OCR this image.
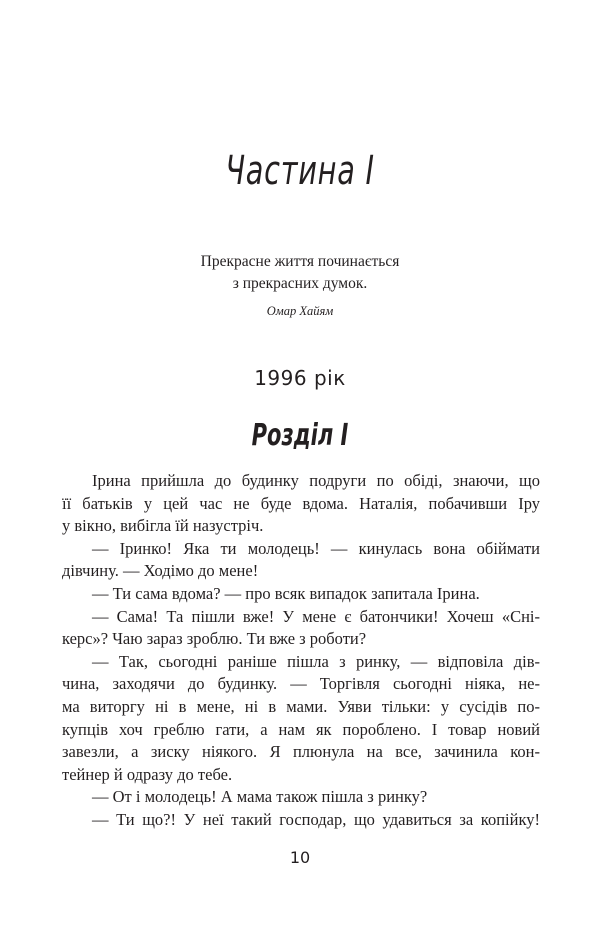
Частина І
Прекрасне життя починається
з прекрасних думок.
Омар Хайям
1996 рік
Розділ І

Ірина прийшла до будинку подруги по обіді, знаючи, що

її батьків у цей час не буде вдома. Наталія, побачивши Іру

у вікно, вибігла їй назустріч.

— Іринко! Яка ти молодець! — кинулась вона обіймати

дівчину. — Ходімо до мене!

— Ти сама вдома? — про всяк випадок запитала Ірина.

— Сама! Та пішли вже! У мене є батончики! Хочеш «Сні-

керс»? Чаю зараз зроблю. Ти вже з роботи?

— Так, сьогодні раніше пішла з ринку, — відповіла дів-

чина, заходячи до будинку. — Торгівля сьогодні ніяка, не-

ма виторгу ні в мене, ні в мами. Уяви тільки: у сусідів по-

купців хоч греблю гати, а нам як пороблено. І товар новий

завезли, а зиску ніякого. Я плюнула на все, зачинила кон-

тейнер й одразу до тебе.

— От і молодець! А мама також пішла з ринку?

— Ти що?! У неї такий господар, що удавиться за копійку!

10
